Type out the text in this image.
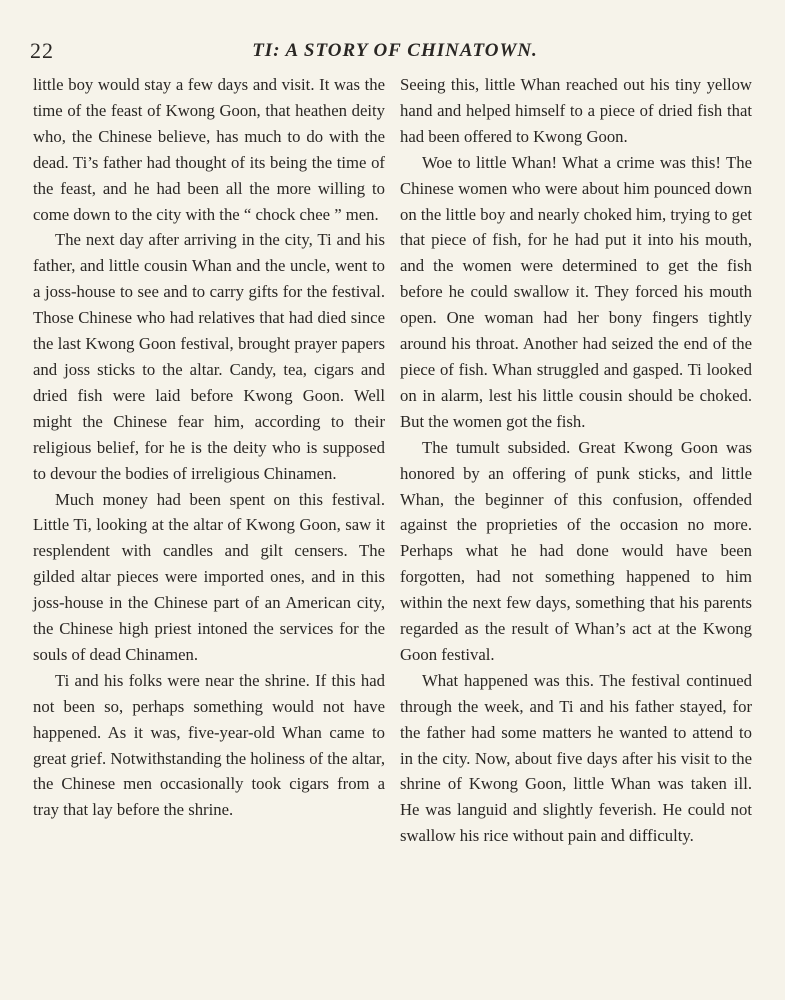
22	TI: A STORY OF CHINATOWN.

little boy would stay a few days and visit. It was the time of the feast of Kwong Goon, that heathen deity who, the Chinese believe, has much to do with the dead. Ti’s father had thought of its being the time of the feast, and he had been all the more willing to come down to the city with the “ chock chee ” men.

The next day after arriving in the city, Ti and his father, and little cousin Whan and the uncle, went to a joss-house to see and to carry gifts for the festival. Those Chinese who had relatives that had died since the last Kwong Goon festival, brought prayer papers and joss sticks to the altar. Candy, tea, cigars and dried fish were laid before Kwong Goon. Well might the Chinese fear him, according to their religious belief, for he is the deity who is supposed to devour the bodies of irreligious Chinamen.

Much money had been spent on this festival. Little Ti, looking at the altar of Kwong Goon, saw it resplendent with candles and gilt censers. The gilded altar pieces were imported ones, and in this joss-house in the Chinese part of an American city, the Chinese high priest intoned the services for the souls of dead Chinamen.

Ti and his folks were near the shrine. If this had not been so, perhaps something would not have happened. As it was, five-year-old Whan came to great grief. Notwithstanding the holiness of the altar, the Chinese men occasionally took cigars from a tray that lay before the shrine.

Seeing this, little Whan reached out his tiny yellow hand and helped himself to a piece of dried fish that had been offered to Kwong Goon.

Woe to little Whan! What a crime was this! The Chinese women who were about him pounced down on the little boy and nearly choked him, trying to get that piece of fish, for he had put it into his mouth, and the women were determined to get the fish before he could swallow it. They forced his mouth open. One woman had her bony fingers tightly around his throat. Another had seized the end of the piece of fish. Whan struggled and gasped. Ti looked on in alarm, lest his little cousin should be choked. But the women got the fish.

The tumult subsided. Great Kwong Goon was honored by an offering of punk sticks, and little Whan, the beginner of this confusion, offended against the proprieties of the occasion no more. Perhaps what he had done would have been forgotten, had not something happened to him within the next few days, something that his parents regarded as the result of Whan’s act at the Kwong Goon festival.

What happened was this. The festival continued through the week, and Ti and his father stayed, for the father had some matters he wanted to attend to in the city. Now, about five days after his visit to the shrine of Kwong Goon, little Whan was taken ill. He was languid and slightly feverish. He could not swallow his rice without pain and difficulty.
